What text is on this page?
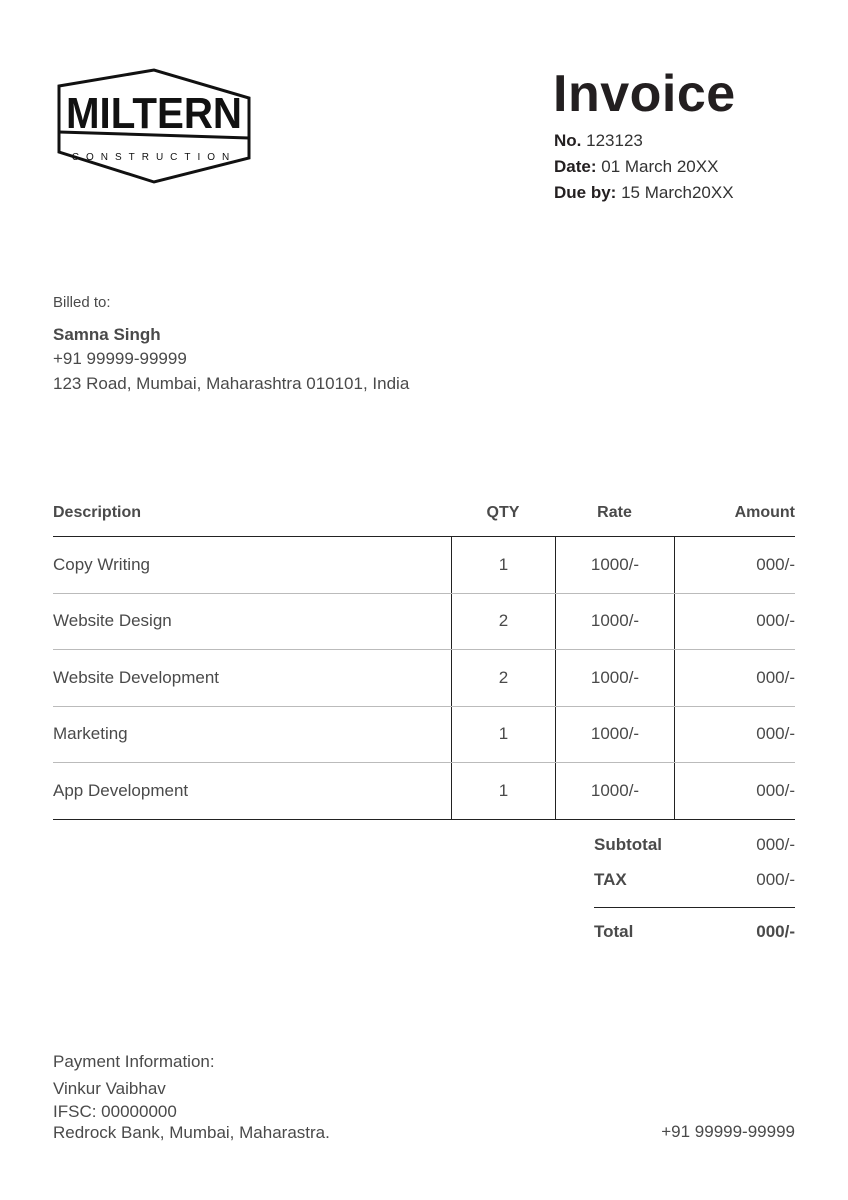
MILTERN
CONSTRUCTION
Invoice
No. 123123
Date: 01 March 20XX
Due by: 15 March20XX
Billed to:
Samna Singh
+91 99999-99999
123 Road, Mumbai, Maharashtra 010101, India
Description	QTY	Rate	Amount
Copy Writing	1	1000/-	000/-
Website Design	2	1000/-	000/-
Website Development	2	1000/-	000/-
Marketing	1	1000/-	000/-
App Development	1	1000/-	000/-
Subtotal	000/-
TAX	000/-
Total	000/-
Payment Information:
Vinkur Vaibhav
IFSC: 00000000
Redrock Bank, Mumbai, Maharastra.	+91 99999-99999
